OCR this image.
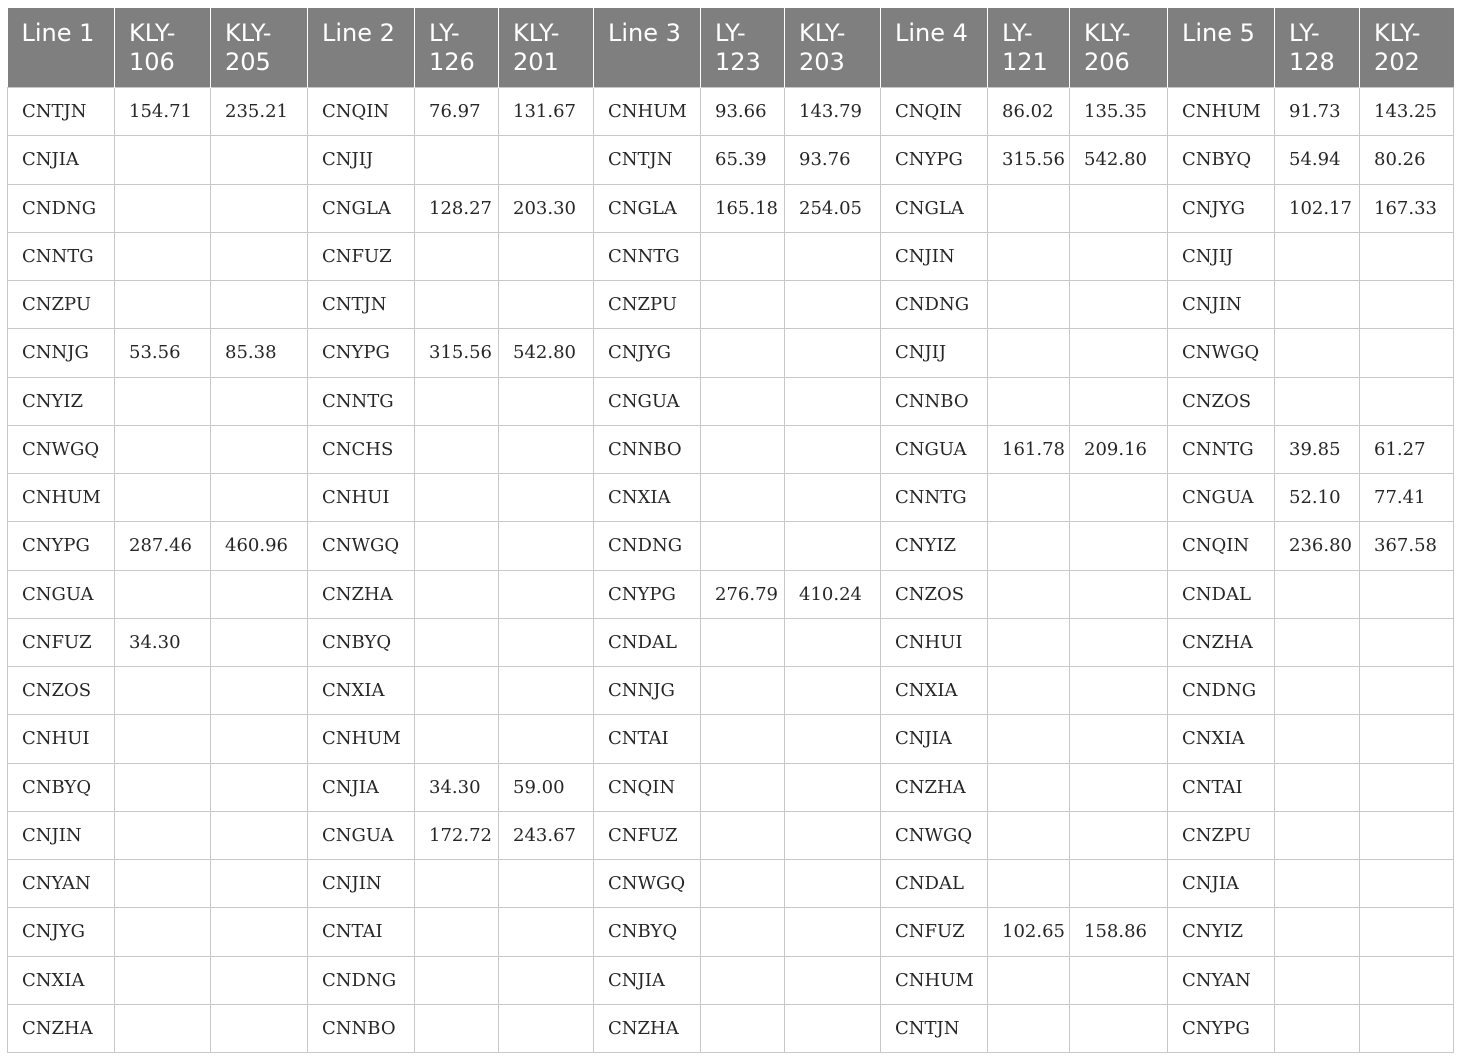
Line 1	KLY-106	KLY-205	Line 2	LY-126	KLY-201	Line 3	LY-123	KLY-203	Line 4	LY-121	KLY-206	Line 5	LY-128	KLY-202
CNTJN	154.71	235.21	CNQIN	76.97	131.67	CNHUM	93.66	143.79	CNQIN	86.02	135.35	CNHUM	91.73	143.25
CNJIA			CNJIJ			CNTJN	65.39	93.76	CNYPG	315.56	542.80	CNBYQ	54.94	80.26
CNDNG			CNGLA	128.27	203.30	CNGLA	165.18	254.05	CNGLA			CNJYG	102.17	167.33
CNNTG			CNFUZ			CNNTG			CNJIN			CNJIJ		
CNZPU			CNTJN			CNZPU			CNDNG			CNJIN		
CNNJG	53.56	85.38	CNYPG	315.56	542.80	CNJYG			CNJIJ			CNWGQ		
CNYIZ			CNNTG			CNGUA			CNNBO			CNZOS		
CNWGQ			CNCHS			CNNBO			CNGUA	161.78	209.16	CNNTG	39.85	61.27
CNHUM			CNHUI			CNXIA			CNNTG			CNGUA	52.10	77.41
CNYPG	287.46	460.96	CNWGQ			CNDNG			CNYIZ			CNQIN	236.80	367.58
CNGUA			CNZHA			CNYPG	276.79	410.24	CNZOS			CNDAL		
CNFUZ	34.30		CNBYQ			CNDAL			CNHUI			CNZHA		
CNZOS			CNXIA			CNNJG			CNXIA			CNDNG		
CNHUI			CNHUM			CNTAI			CNJIA			CNXIA		
CNBYQ			CNJIA	34.30	59.00	CNQIN			CNZHA			CNTAI		
CNJIN			CNGUA	172.72	243.67	CNFUZ			CNWGQ			CNZPU		
CNYAN			CNJIN			CNWGQ			CNDAL			CNJIA		
CNJYG			CNTAI			CNBYQ			CNFUZ	102.65	158.86	CNYIZ		
CNXIA			CNDNG			CNJIA			CNHUM			CNYAN		
CNZHA			CNNBO			CNZHA			CNTJN			CNYPG		
